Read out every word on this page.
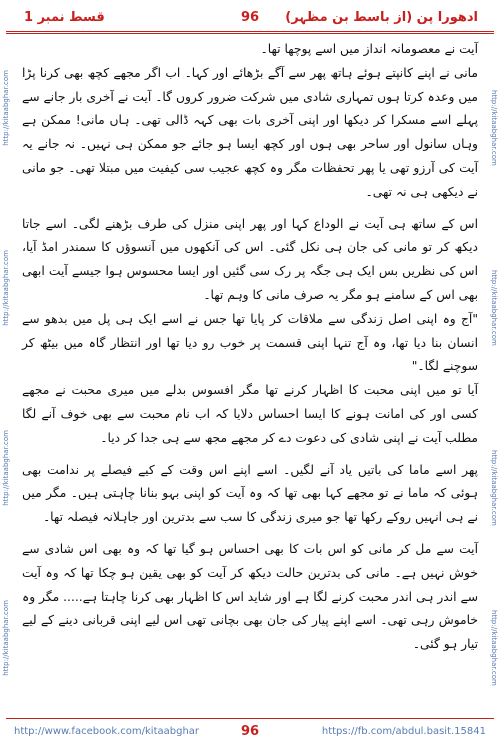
ادھورا پن (از باسط بن مظہر)
96
قسط نمبر 1
http://kitaabghar.com
http://kitaabghar.com
http://kitaabghar.com
http://kitaabghar.com
http://kitaabghar.com
http://kitaabghar.com
http://kitaabghar.com
http://kitaabghar.com

آیت نے معصومانہ انداز میں اسے پوچھا تھا۔

مانی نے اپنے کانپتے ہوئے ہاتھ پھر سے آگے بڑھائے اور کہا۔ اب اگر مجھے کچھ بھی کرنا پڑا میں وعدہ کرتا ہوں تمہاری شادی میں شرکت ضرور کروں گا۔ آیت نے آخری بار جانے سے پہلے اسے مسکرا کر دیکھا اور اپنی آخری بات بھی کہہ ڈالی تھی۔ ہاں مانی! ممکن ہے وہاں سانول اور ساحر بھی ہوں اور کچھ ایسا ہو جائے جو ممکن ہی نہیں۔ نہ جانے یہ آیت کی آرزو تھی یا پھر تحفظات مگر وہ کچھ عجیب سی کیفیت میں مبتلا تھی۔ جو مانی نے دیکھی ہی نہ تھی۔

اس کے ساتھ ہی آیت نے الوداع کہا اور پھر اپنی منزل کی طرف بڑھنے لگی۔ اسے جاتا دیکھ کر تو مانی کی جان ہی نکل گئی۔ اس کی آنکھوں میں آنسوؤں کا سمندر امڈ آیا، اس کی نظریں بس ایک ہی جگہ پر رک سی گئیں اور ایسا محسوس ہوا جیسے آیت ابھی بھی اس کے سامنے ہو مگر یہ صرف مانی کا وہم تھا۔

"آج وہ اپنی اصل زندگی سے ملاقات کر پایا تھا جس نے اسے ایک ہی پل میں بدھو سے انسان بنا دیا تھا، وہ آج تنہا اپنی قسمت پر خوب رو دیا تھا اور انتظار گاہ میں بیٹھ کر سوچنے لگا۔"

آیا تو میں اپنی محبت کا اظہار کرنے تھا مگر افسوس بدلے میں میری محبت نے مجھے کسی اور کی امانت ہونے کا ایسا احساس دلایا کہ اب نام محبت سے بھی خوف آنے لگا مطلب آیت نے اپنی شادی کی دعوت دے کر مجھے مجھ سے ہی جدا کر دیا۔

پھر اسے ماما کی باتیں یاد آنے لگیں۔ اسے اپنے اس وقت کے کیے فیصلے پر ندامت بھی ہوئی کہ ماما نے تو مجھے کہا بھی تھا کہ وہ آیت کو اپنی بہو بنانا چاہتی ہیں۔ مگر میں نے ہی انہیں روکے رکھا تھا جو میری زندگی کا سب سے بدترین اور جاہلانہ فیصلہ تھا۔

آیت سے مل کر مانی کو اس بات کا بھی احساس ہو گیا تھا کہ وہ بھی اس شادی سے خوش نہیں ہے۔ مانی کی بدترین حالت دیکھ کر آیت کو بھی یقین ہو چکا تھا کہ وہ آیت سے اندر ہی اندر محبت کرنے لگا ہے اور شاید اس کا اظہار بھی کرنا چاہتا ہے..... مگر وہ خاموش رہی تھی۔ اسے اپنے پیار کی جان بھی بچانی تھی اس لیے اپنی قربانی دینے کے لیے تیار ہو گئی۔

http://www.facebook.com/kitaabghar	96	https://fb.com/abdul.basit.15841
